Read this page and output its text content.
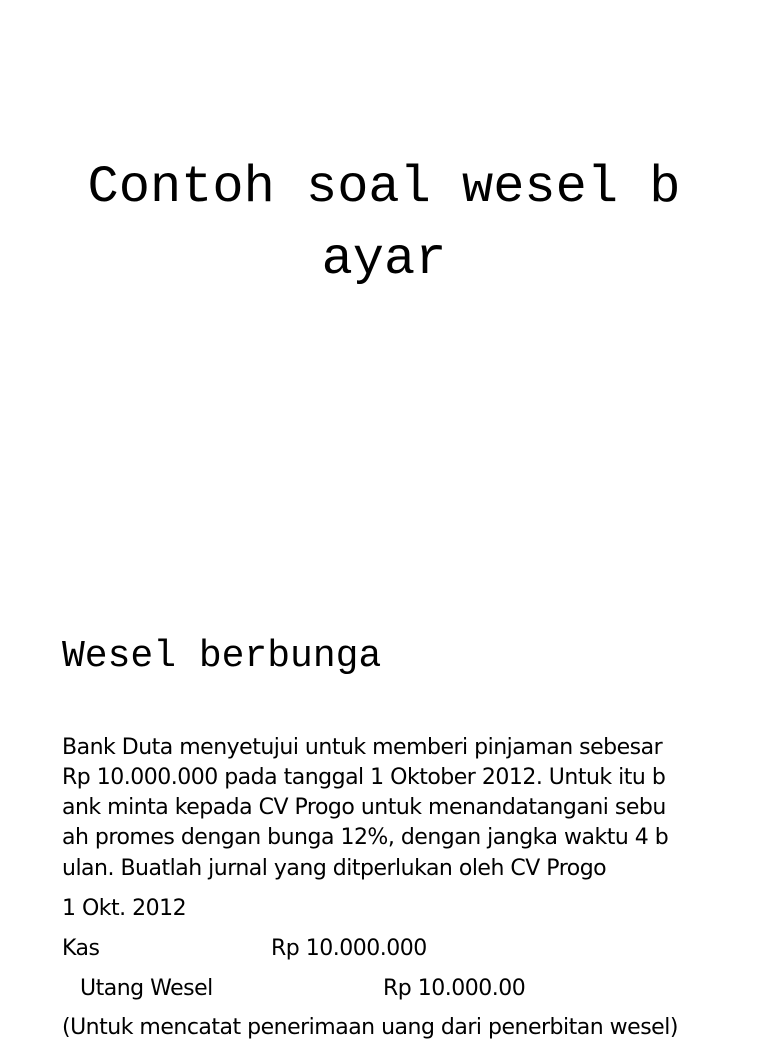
Contoh soal wesel b
ayar
Wesel berbunga
Bank Duta menyetujui untuk memberi pinjaman sebesar
Rp 10.000.000 pada tanggal 1 Oktober 2012. Untuk itu b
ank minta kepada CV Progo untuk menandatangani sebu
ah promes dengan bunga 12%, dengan jangka waktu 4 b
ulan. Buatlah jurnal yang ditperlukan oleh CV Progo
1 Okt. 2012
Kas	Rp 10.000.000
Utang Wesel	Rp 10.000.00
(Untuk mencatat penerimaan uang dari penerbitan wesel)
